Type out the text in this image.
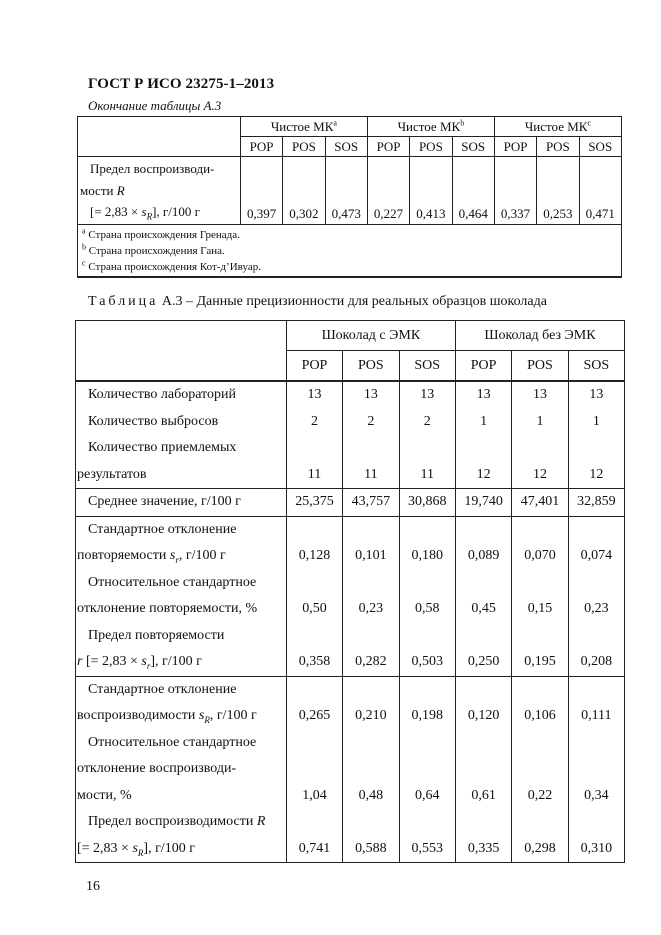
ГОСТ Р ИСО 23275-1–2013
Окончание таблицы А.3
	Чистое $МК^a$			Чистое $МК^b$			Чистое $МК^c$
	POP	POS	SOS	POP	POS	SOS	POP	POS	SOS

Предел воспроизводи-
мости R
[= $2,83 \times s_R$], г/100 г	0,397	0,302	0,473	0,227	0,413	0,464	0,337	0,253	0,471

$^a$ Страна происхождения Гренада.
$^b$ Страна происхождения Гана.
$^c$ Страна происхождения Кот-д’Ивуар.									
Таблица А.3 – Данные прецизионности для реальных образцов шоколада
	Шоколад с ЭМК			Шоколад без ЭМК		
	POP	POS	SOS	POP	POS	SOS
Количество лабораторий	13	13	13	13	13	13
Количество выбросов	2	2	2	1	1	1
Количество приемлемых						
результатов	11	11	11	12	12	12
Среднее значение, г/100 г	25,375	43,757	30,868	19,740	47,401	32,859
Стандартное отклонение						
повторяемости $s_r$, г/100 г	0,128	0,101	0,180	0,089	0,070	0,074
Относительное стандартное						
отклонение повторяемости, %	0,50	0,23	0,58	0,45	0,15	0,23
Предел повторяемости						
r [= $2,83 \times s_r$], г/100 г	0,358	0,282	0,503	0,250	0,195	0,208
Стандартное отклонение						
воспроизводимости $s_R$, г/100 г	0,265	0,210	0,198	0,120	0,106	0,111
Относительное стандартное						
отклонение воспроизводи-						
мости, %	1,04	0,48	0,64	0,61	0,22	0,34
Предел воспроизводимости R						
[= $2,83 \times s_R$], г/100 г	0,741	0,588	0,553	0,335	0,298	0,310
16
